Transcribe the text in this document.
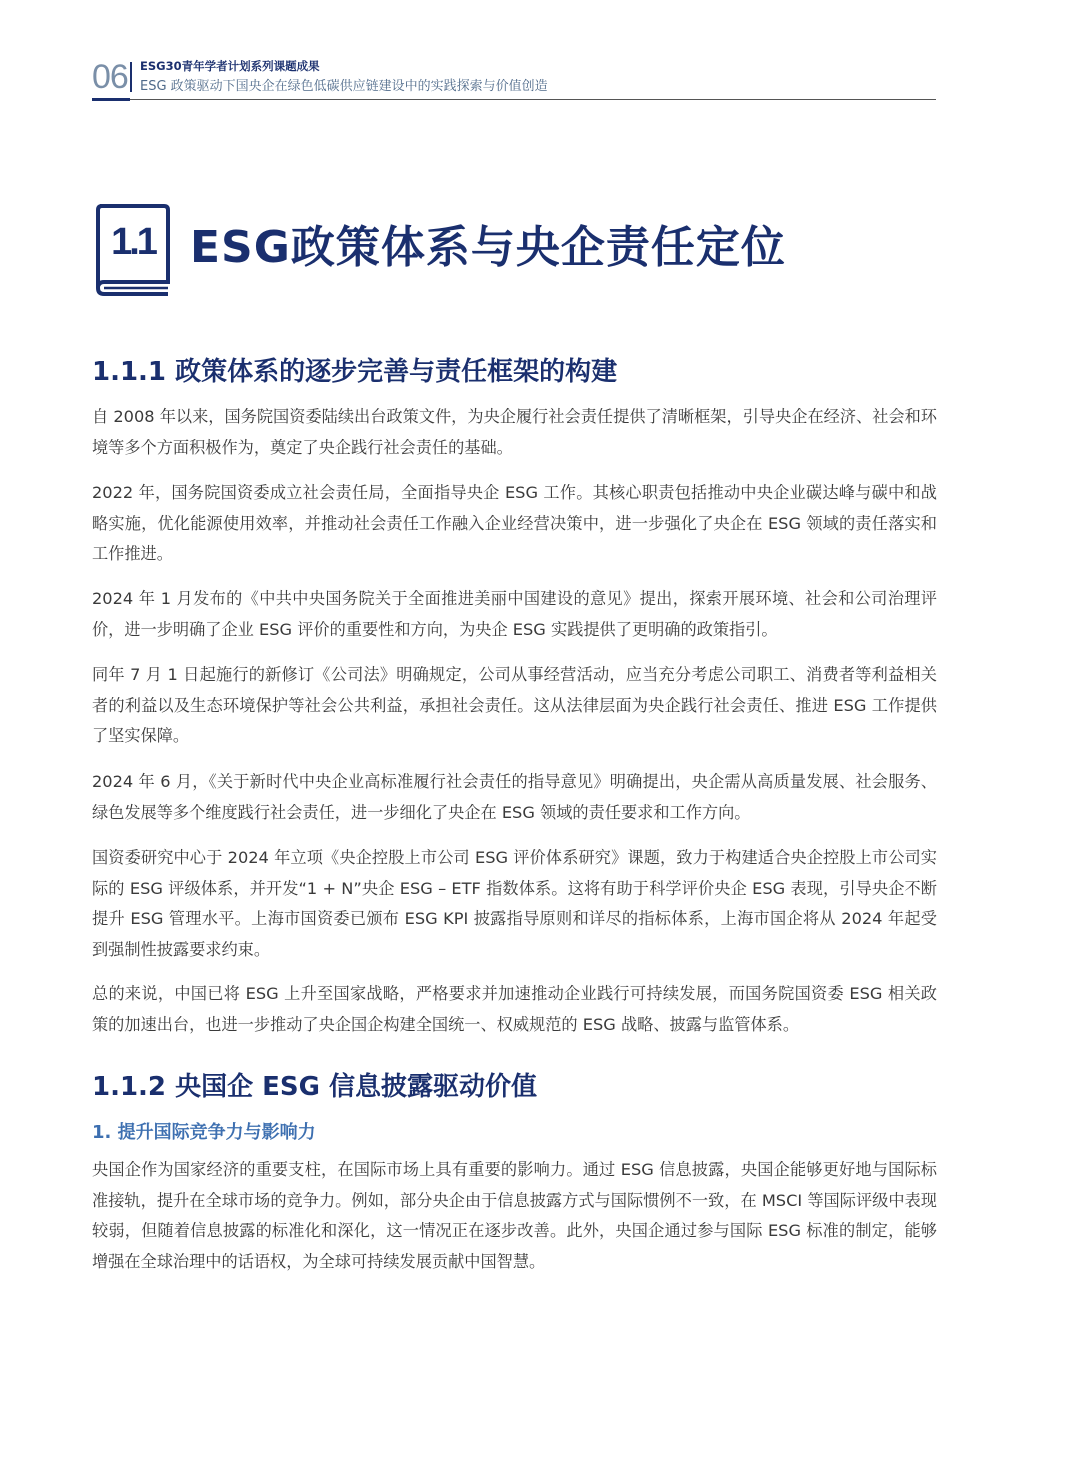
06 ESG30青年学者计划系列课题成果
ESG 政策驱动下国央企在绿色低碳供应链建设中的实践探索与价值创造
1.1 ESG政策体系与央企责任定位
1.1.1 政策体系的逐步完善与责任框架的构建
自 2008 年以来，国务院国资委陆续出台政策文件，为央企履行社会责任提供了清晰框架，引导央企在经济、社会和环境等多个方面积极作为，奠定了央企践行社会责任的基础。
2022 年，国务院国资委成立社会责任局，全面指导央企 ESG 工作。其核心职责包括推动中央企业碳达峰与碳中和战略实施，优化能源使用效率，并推动社会责任工作融入企业经营决策中，进一步强化了央企在 ESG 领域的责任落实和工作推进。
2024 年 1 月发布的《中共中央国务院关于全面推进美丽中国建设的意见》提出，探索开展环境、社会和公司治理评价，进一步明确了企业 ESG 评价的重要性和方向，为央企 ESG 实践提供了更明确的政策指引。
同年 7 月 1 日起施行的新修订《公司法》明确规定，公司从事经营活动，应当充分考虑公司职工、消费者等利益相关者的利益以及生态环境保护等社会公共利益，承担社会责任。这从法律层面为央企践行社会责任、推进 ESG 工作提供了坚实保障。
2024 年 6 月，《关于新时代中央企业高标准履行社会责任的指导意见》明确提出，央企需从高质量发展、社会服务、绿色发展等多个维度践行社会责任，进一步细化了央企在 ESG 领域的责任要求和工作方向。
国资委研究中心于 2024 年立项《央企控股上市公司 ESG 评价体系研究》课题，致力于构建适合央企控股上市公司实际的 ESG 评级体系，并开发“1 + N”央企 ESG – ETF 指数体系。这将有助于科学评价央企 ESG 表现，引导央企不断提升 ESG 管理水平。上海市国资委已颁布 ESG KPI 披露指导原则和详尽的指标体系，上海市国企将从 2024 年起受到强制性披露要求约束。
总的来说，中国已将 ESG 上升至国家战略，严格要求并加速推动企业践行可持续发展，而国务院国资委 ESG 相关政策的加速出台，也进一步推动了央企国企构建全国统一、权威规范的 ESG 战略、披露与监管体系。
1.1.2 央国企 ESG 信息披露驱动价值
1. 提升国际竞争力与影响力
央国企作为国家经济的重要支柱，在国际市场上具有重要的影响力。通过 ESG 信息披露，央国企能够更好地与国际标准接轨，提升在全球市场的竞争力。例如，部分央企由于信息披露方式与国际惯例不一致，在 MSCI 等国际评级中表现较弱，但随着信息披露的标准化和深化，这一情况正在逐步改善。此外，央国企通过参与国际 ESG 标准的制定，能够增强在全球治理中的话语权，为全球可持续发展贡献中国智慧。
